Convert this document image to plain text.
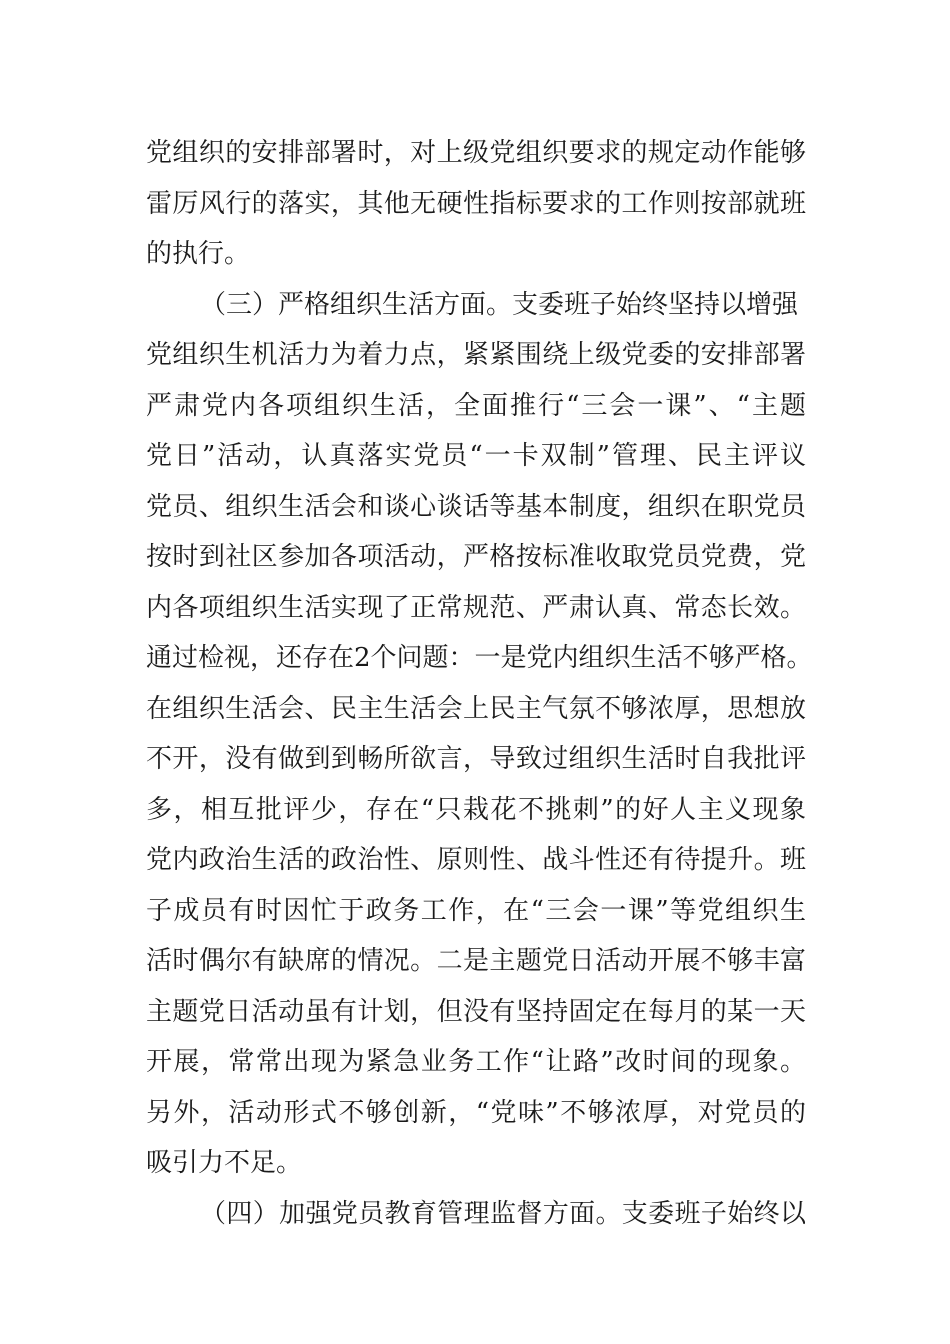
党组织的安排部署时，对上级党组织要求的规定动作能够
雷厉风行的落实，其他无硬性指标要求的工作则按部就班
的执行。
（三）严格组织生活方面。支委班子始终坚持以增强
党组织生机活力为着力点，紧紧围绕上级党委的安排部署
严肃党内各项组织生活，全面推行“三会一课”、“主题
党日”活动，认真落实党员“一卡双制”管理、民主评议
党员、组织生活会和谈心谈话等基本制度，组织在职党员
按时到社区参加各项活动，严格按标准收取党员党费，党
内各项组织生活实现了正常规范、严肃认真、常态长效。
通过检视，还存在2个问题：一是党内组织生活不够严格。
在组织生活会、民主生活会上民主气氛不够浓厚，思想放
不开，没有做到到畅所欲言，导致过组织生活时自我批评
多，相互批评少，存在“只栽花不挑刺”的好人主义现象
党内政治生活的政治性、原则性、战斗性还有待提升。班
子成员有时因忙于政务工作，在“三会一课”等党组织生
活时偶尔有缺席的情况。二是主题党日活动开展不够丰富
主题党日活动虽有计划，但没有坚持固定在每月的某一天
开展，常常出现为紧急业务工作“让路”改时间的现象。
另外，活动形式不够创新，“党味”不够浓厚，对党员的
吸引力不足。
（四）加强党员教育管理监督方面。支委班子始终以
